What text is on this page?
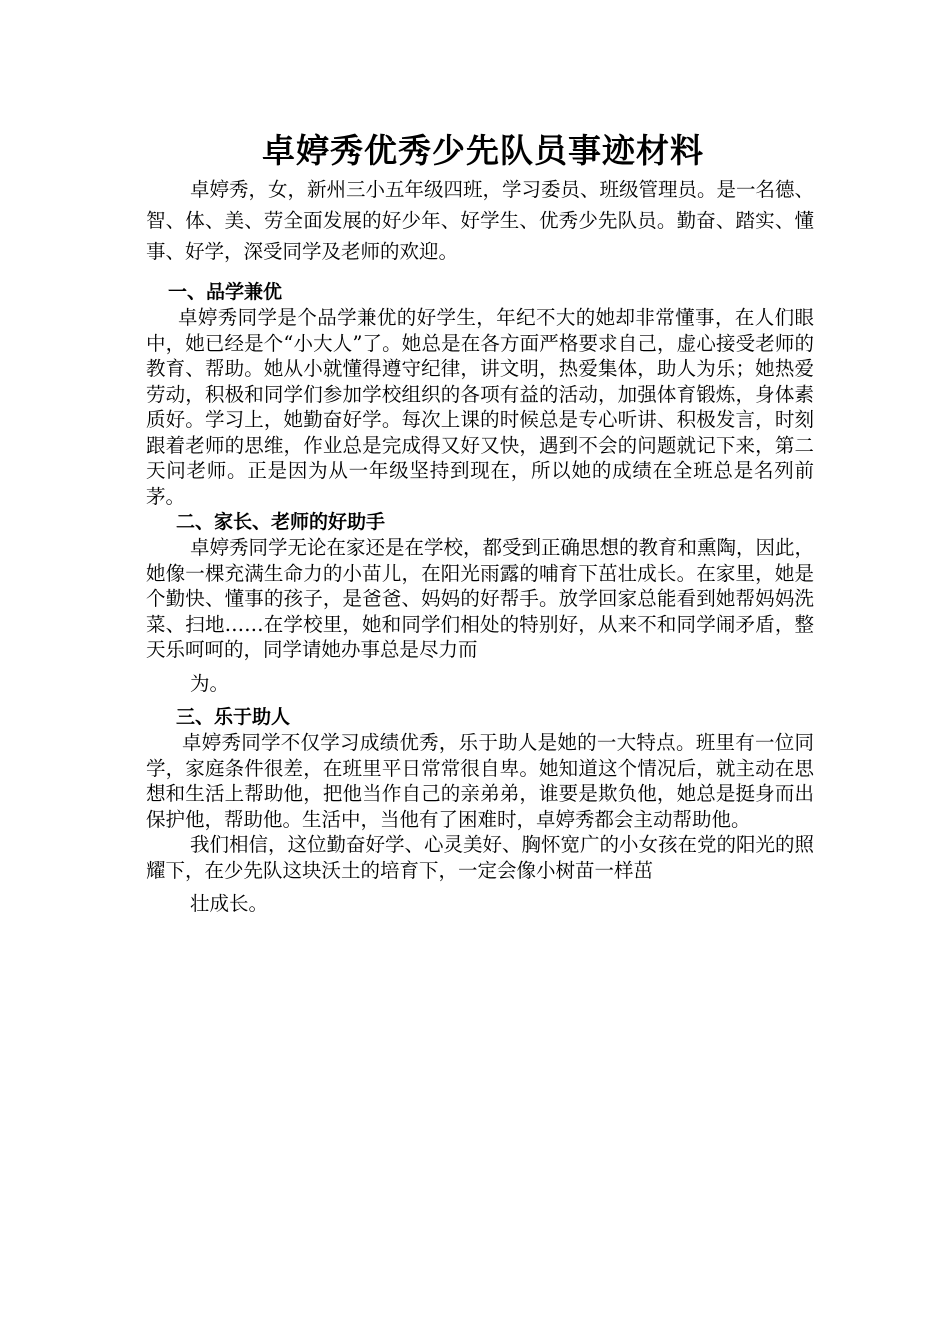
卓婷秀优秀少先队员事迹材料

卓婷秀，女，新州三小五年级四班，学习委员、班级管理员。是一名德、智、体、美、劳全面发展的好少年、好学生、优秀少先队员。勤奋、踏实、懂事、好学，深受同学及老师的欢迎。

一、品学兼优

卓婷秀同学是个品学兼优的好学生，年纪不大的她却非常懂事，在人们眼中，她已经是个“小大人”了。她总是在各方面严格要求自己，虚心接受老师的教育、帮助。她从小就懂得遵守纪律，讲文明，热爱集体，助人为乐；她热爱劳动，积极和同学们参加学校组织的各项有益的活动，加强体育锻炼，身体素质好。学习上，她勤奋好学。每次上课的时候总是专心听讲、积极发言，时刻跟着老师的思维，作业总是完成得又好又快，遇到不会的问题就记下来，第二天问老师。正是因为从一年级坚持到现在，所以她的成绩在全班总是名列前茅。

二、家长、老师的好助手

卓婷秀同学无论在家还是在学校，都受到正确思想的教育和熏陶，因此，她像一棵充满生命力的小苗儿，在阳光雨露的哺育下茁壮成长。在家里，她是个勤快、懂事的孩子，是爸爸、妈妈的好帮手。放学回家总能看到她帮妈妈洗菜、扫地……在学校里，她和同学们相处的特别好，从来不和同学闹矛盾，整天乐呵呵的，同学请她办事总是尽力而
为。

三、乐于助人

卓婷秀同学不仅学习成绩优秀，乐于助人是她的一大特点。班里有一位同学，家庭条件很差，在班里平日常常很自卑。她知道这个情况后，就主动在思想和生活上帮助他，把他当作自己的亲弟弟，谁要是欺负他，她总是挺身而出保护他，帮助他。生活中，当他有了困难时，卓婷秀都会主动帮助他。

我们相信，这位勤奋好学、心灵美好、胸怀宽广的小女孩在党的阳光的照耀下，在少先队这块沃土的培育下，一定会像小树苗一样茁
壮成长。
